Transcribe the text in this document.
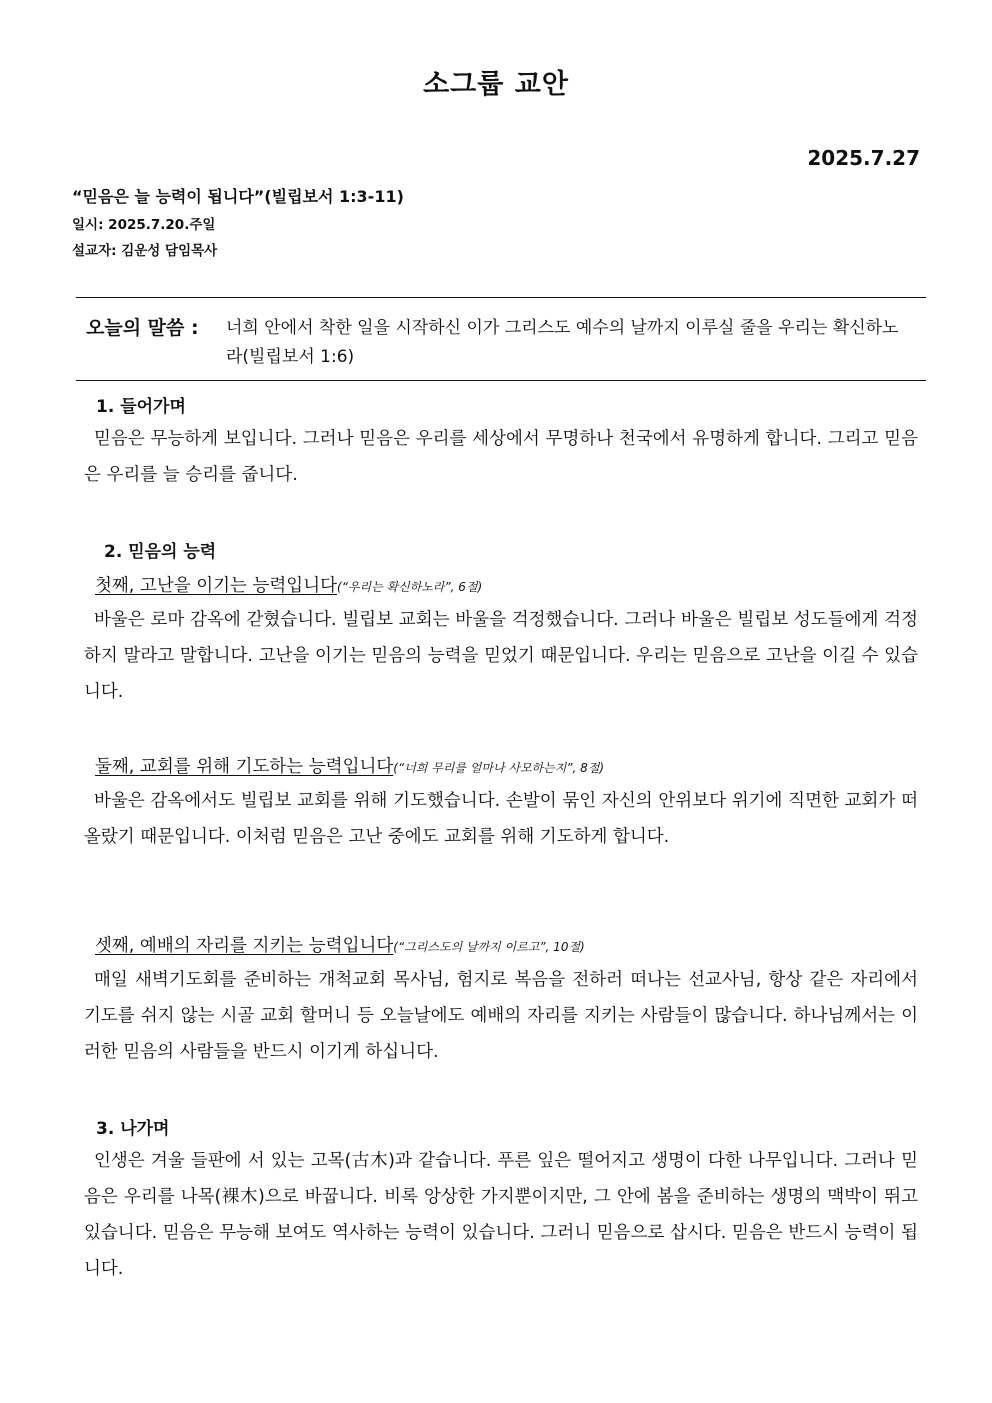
소그룹 교안
2025.7.27
“믿음은 늘 능력이 됩니다”(빌립보서 1:3-11)
일시: 2025.7.20.주일
설교자: 김운성 담임목사
오늘의 말씀 : 너희 안에서 착한 일을 시작하신 이가 그리스도 예수의 날까지 이루실 줄을 우리는 확신하노라(빌립보서 1:6)
1. 들어가며
믿음은 무능하게 보입니다. 그러나 믿음은 우리를 세상에서 무명하나 천국에서 유명하게 합니다. 그리고 믿음은 우리를 늘 승리를 줍니다.
2. 믿음의 능력
첫째, 고난을 이기는 능력입니다(“우리는 확신하노라”, 6절)
바울은 로마 감옥에 갇혔습니다. 빌립보 교회는 바울을 걱정했습니다. 그러나 바울은 빌립보 성도들에게 걱정하지 말라고 말합니다. 고난을 이기는 믿음의 능력을 믿었기 때문입니다. 우리는 믿음으로 고난을 이길 수 있습니다.
둘째, 교회를 위해 기도하는 능력입니다(“너희 무리를 얼마나 사모하는지”, 8절)
바울은 감옥에서도 빌립보 교회를 위해 기도했습니다. 손발이 묶인 자신의 안위보다 위기에 직면한 교회가 떠올랐기 때문입니다. 이처럼 믿음은 고난 중에도 교회를 위해 기도하게 합니다.
셋째, 예배의 자리를 지키는 능력입니다(“그리스도의 날까지 이르고”, 10절)
매일 새벽기도회를 준비하는 개척교회 목사님, 험지로 복음을 전하러 떠나는 선교사님, 항상 같은 자리에서 기도를 쉬지 않는 시골 교회 할머니 등 오늘날에도 예배의 자리를 지키는 사람들이 많습니다. 하나님께서는 이러한 믿음의 사람들을 반드시 이기게 하십니다.
3. 나가며
인생은 겨울 들판에 서 있는 고목(古木)과 같습니다. 푸른 잎은 떨어지고 생명이 다한 나무입니다. 그러나 믿음은 우리를 나목(裸木)으로 바꿉니다. 비록 앙상한 가지뿐이지만, 그 안에 봄을 준비하는 생명의 맥박이 뛰고 있습니다. 믿음은 무능해 보여도 역사하는 능력이 있습니다. 그러니 믿음으로 삽시다. 믿음은 반드시 능력이 됩니다.
